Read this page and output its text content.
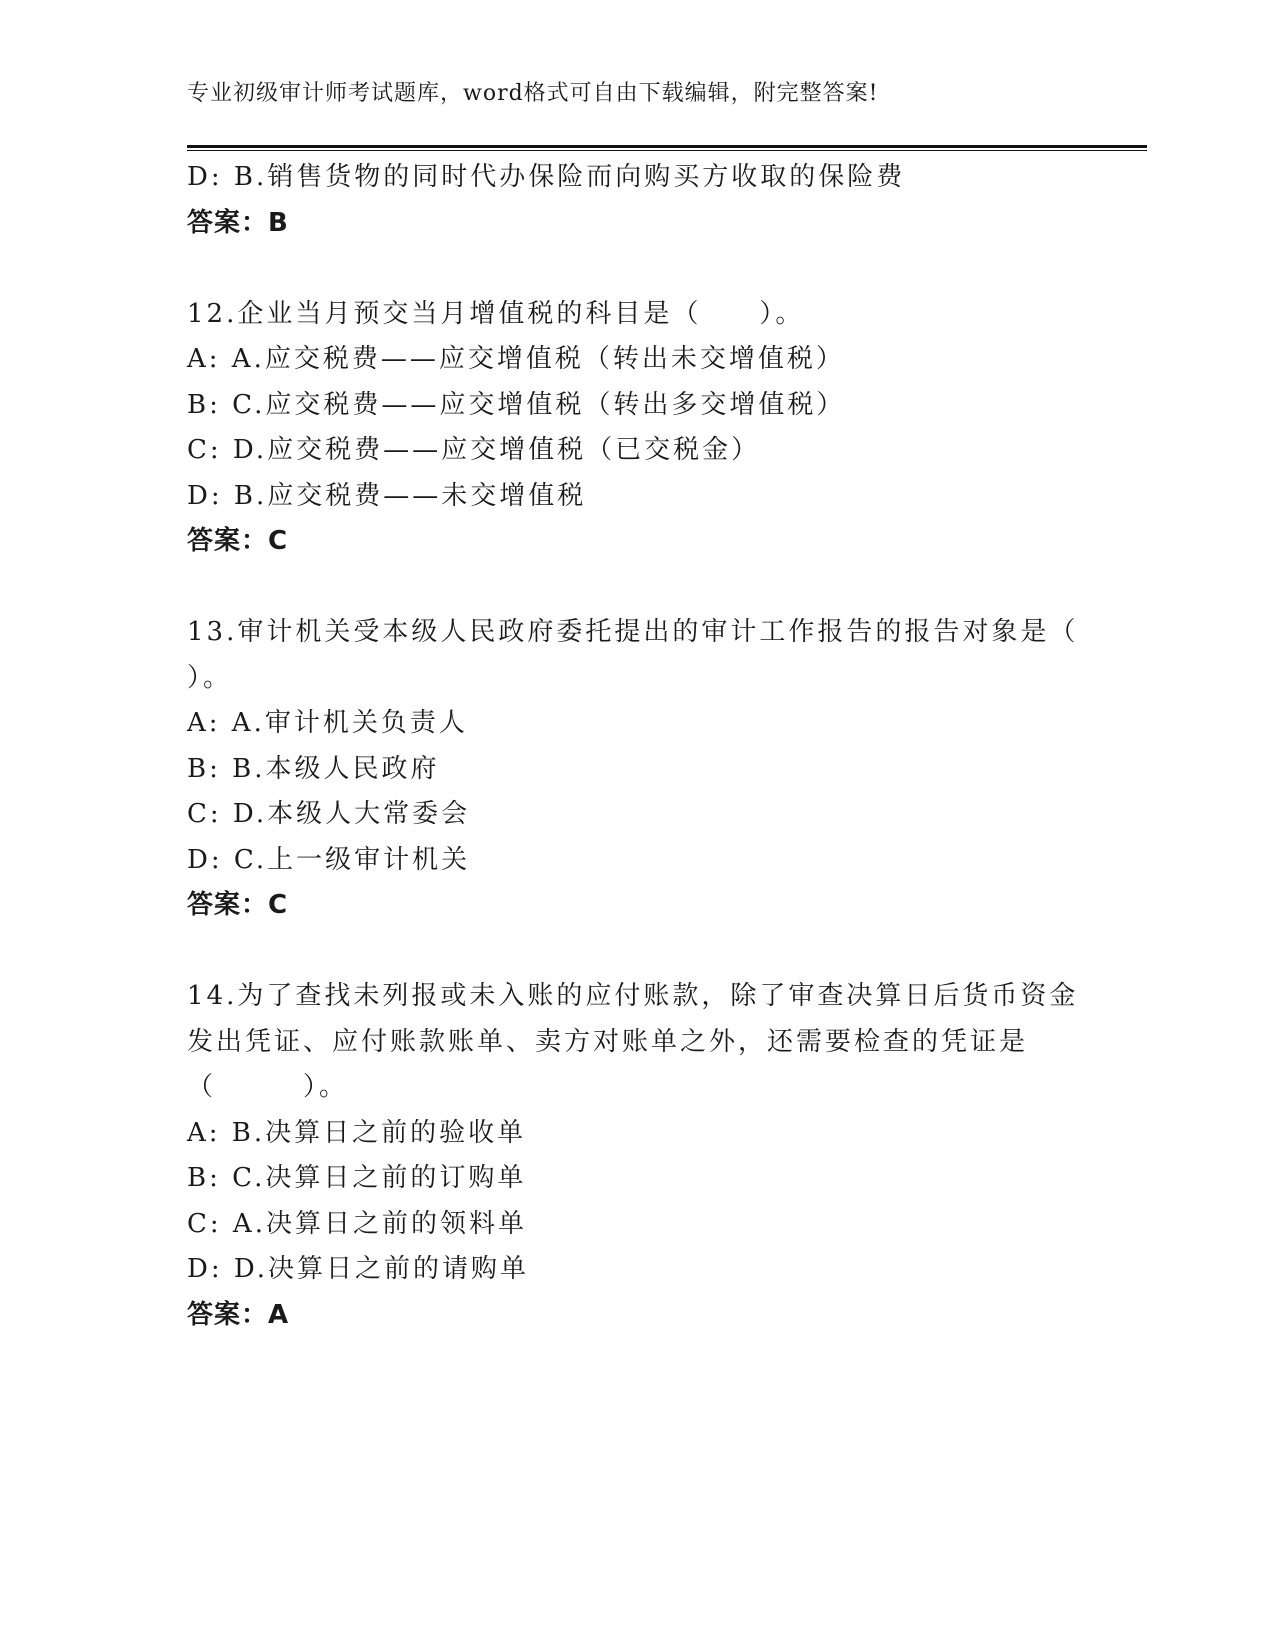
专业初级审计师考试题库，word格式可自由下载编辑，附完整答案!
D: B.销售货物的同时代办保险而向购买方收取的保险费
答案：B
12.企业当月预交当月增值税的科目是（　　）。
A: A.应交税费——应交增值税（转出未交增值税）
B: C.应交税费——应交增值税（转出多交增值税）
C: D.应交税费——应交增值税（已交税金）
D: B.应交税费——未交增值税
答案：C
13.审计机关受本级人民政府委托提出的审计工作报告的报告对象是（
）。
A: A.审计机关负责人
B: B.本级人民政府
C: D.本级人大常委会
D: C.上一级审计机关
答案：C
14.为了查找未列报或未入账的应付账款，除了审查决算日后货币资金
发出凭证、应付账款账单、卖方对账单之外，还需要检查的凭证是
（　　　）。
A: B.决算日之前的验收单
B: C.决算日之前的订购单
C: A.决算日之前的领料单
D: D.决算日之前的请购单
答案：A
